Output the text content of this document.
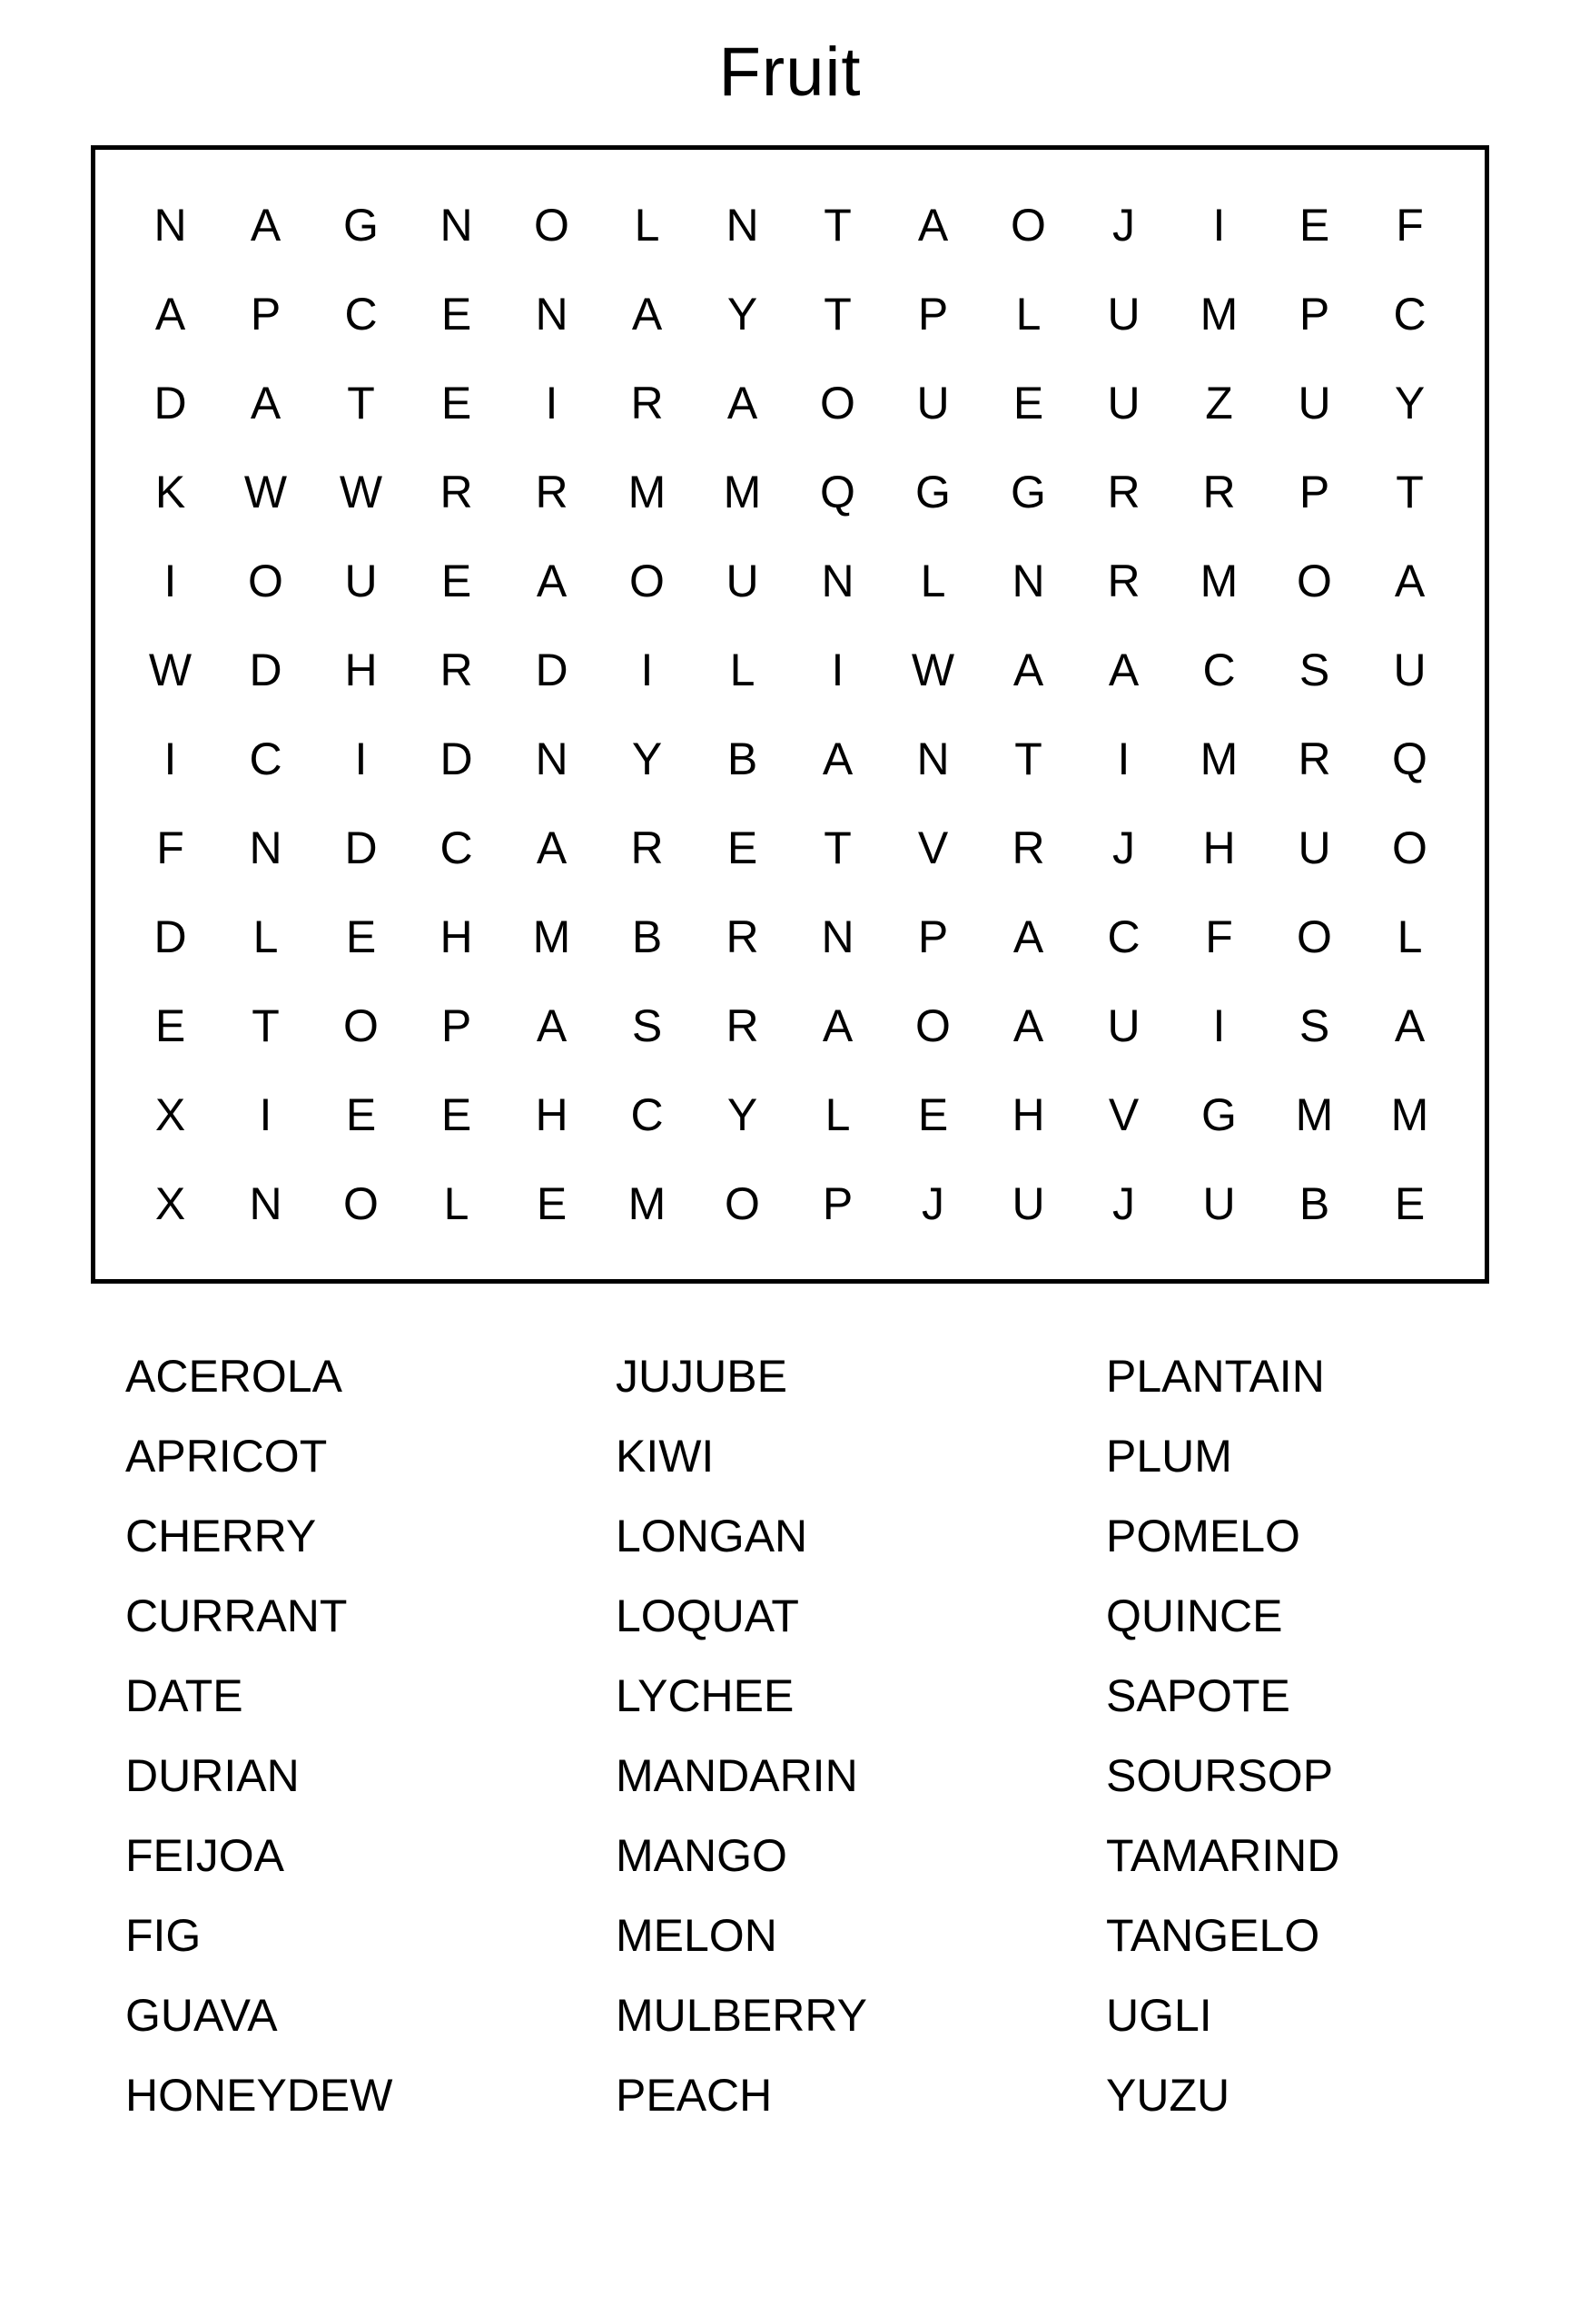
Fruit
N	A	G	N	O	L	N	T	A	O	J	I	E	F
A	P	C	E	N	A	Y	T	P	L	U	M	P	C
D	A	T	E	I	R	A	O	U	E	U	Z	U	Y
K	W	W	R	R	M	M	Q	G	G	R	R	P	T
I	O	U	E	A	O	U	N	L	N	R	M	O	A
W	D	H	R	D	I	L	I	W	A	A	C	S	U
I	C	I	D	N	Y	B	A	N	T	I	M	R	Q
F	N	D	C	A	R	E	T	V	R	J	H	U	O
D	L	E	H	M	B	R	N	P	A	C	F	O	L
E	T	O	P	A	S	R	A	O	A	U	I	S	A
X	I	E	E	H	C	Y	L	E	H	V	G	M	M
X	N	O	L	E	M	O	P	J	U	J	U	B	E
ACEROLA
APRICOT
CHERRY
CURRANT
DATE
DURIAN
FEIJOA
FIG
GUAVA
HONEYDEW
JUJUBE
KIWI
LONGAN
LOQUAT
LYCHEE
MANDARIN
MANGO
MELON
MULBERRY
PEACH
PLANTAIN
PLUM
POMELO
QUINCE
SAPOTE
SOURSOP
TAMARIND
TANGELO
UGLI
YUZU
